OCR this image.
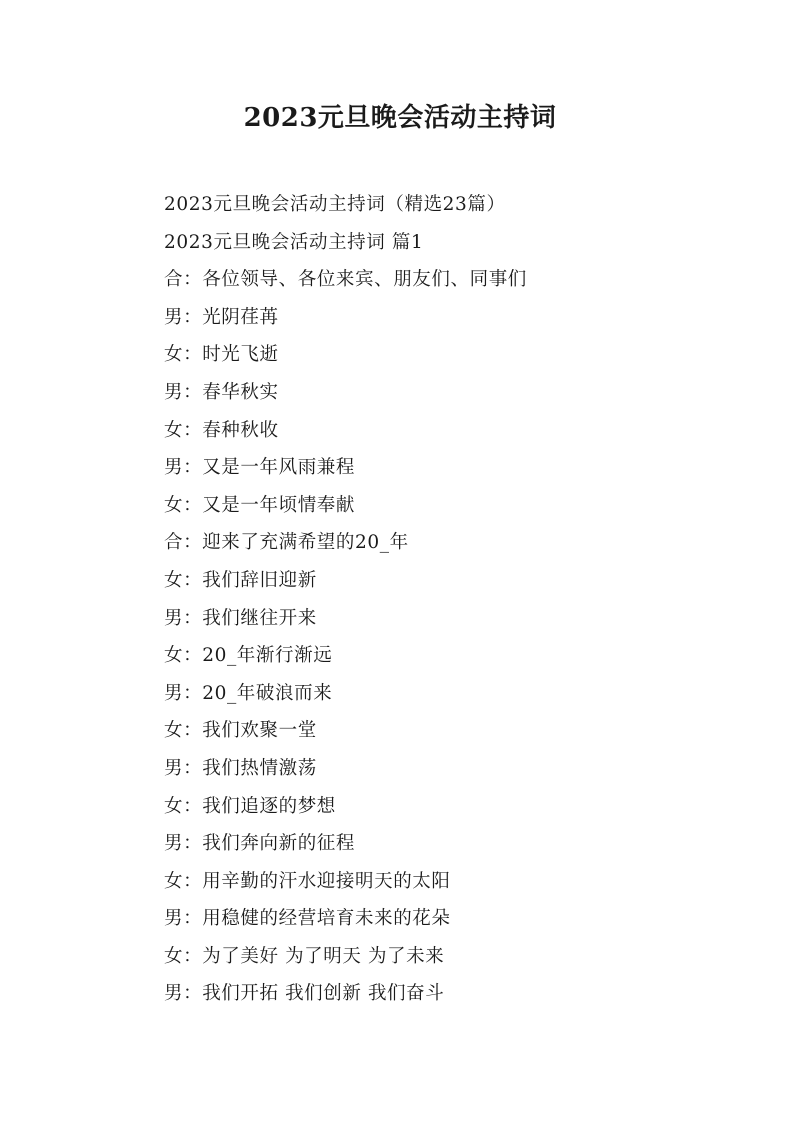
2023元旦晚会活动主持词
2023元旦晚会活动主持词（精选23篇）
2023元旦晚会活动主持词 篇1
合：各位领导、各位来宾、朋友们、同事们
男：光阴荏苒
女：时光飞逝
男：春华秋实
女：春种秋收
男：又是一年风雨兼程
女：又是一年顷情奉献
合：迎来了充满希望的20_年
女：我们辞旧迎新
男：我们继往开来
女：20_年渐行渐远
男：20_年破浪而来
女：我们欢聚一堂
男：我们热情激荡
女：我们追逐的梦想
男：我们奔向新的征程
女：用辛勤的汗水迎接明天的太阳
男：用稳健的经营培育未来的花朵
女：为了美好 为了明天 为了未来
男：我们开拓 我们创新 我们奋斗
